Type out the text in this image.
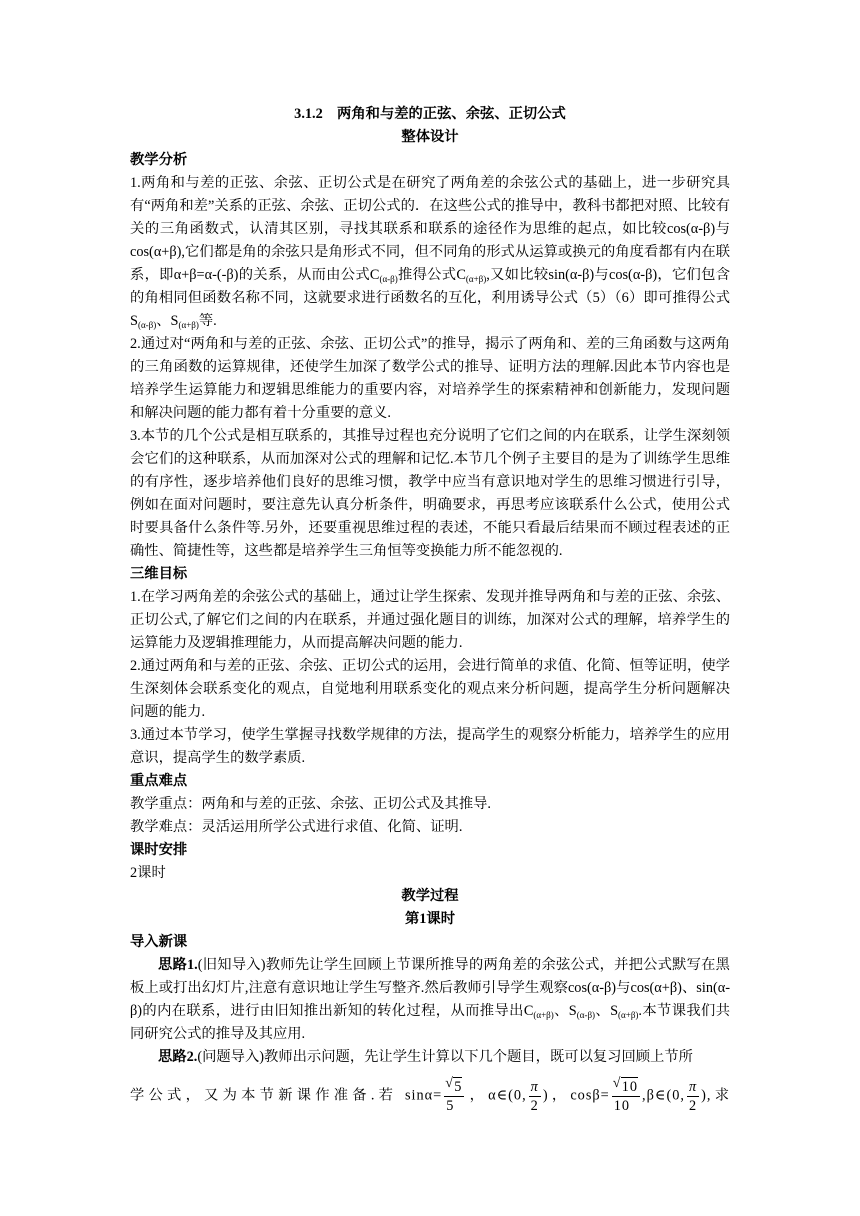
3.1.2　两角和与差的正弦、余弦、正切公式
整体设计
教学分析

1.两角和与差的正弦、余弦、正切公式是在研究了两角差的余弦公式的基础上，进一步研究具有“两角和差”关系的正弦、余弦、正切公式的．在这些公式的推导中，教科书都把对照、比较有关的三角函数式，认清其区别，寻找其联系和联系的途径作为思维的起点，如比较cos(α-β)与cos(α+β),它们都是角的余弦只是角形式不同，但不同角的形式从运算或换元的角度看都有内在联系，即α+β=α-(-β)的关系，从而由公式$C_{(\alpha-\beta)}$推得公式$C_{(\alpha+\beta)}$,又如比较sin(α-β)与cos(α-β)，它们包含的角相同但函数名称不同，这就要求进行函数名的互化，利用诱导公式（5）（6）即可推得公式$S_{(\alpha-\beta)}$、$S_{(\alpha+\beta)}$等.

2.通过对“两角和与差的正弦、余弦、正切公式”的推导，揭示了两角和、差的三角函数与这两角的三角函数的运算规律，还使学生加深了数学公式的推导、证明方法的理解.因此本节内容也是培养学生运算能力和逻辑思维能力的重要内容，对培养学生的探索精神和创新能力，发现问题和解决问题的能力都有着十分重要的意义.

3.本节的几个公式是相互联系的，其推导过程也充分说明了它们之间的内在联系，让学生深刻领会它们的这种联系，从而加深对公式的理解和记忆.本节几个例子主要目的是为了训练学生思维的有序性，逐步培养他们良好的思维习惯，教学中应当有意识地对学生的思维习惯进行引导，例如在面对问题时，要注意先认真分析条件，明确要求，再思考应该联系什么公式，使用公式时要具备什么条件等.另外，还要重视思维过程的表述，不能只看最后结果而不顾过程表述的正确性、简捷性等，这些都是培养学生三角恒等变换能力所不能忽视的.

三维目标

1.在学习两角差的余弦公式的基础上，通过让学生探索、发现并推导两角和与差的正弦、余弦、正切公式,了解它们之间的内在联系，并通过强化题目的训练，加深对公式的理解，培养学生的运算能力及逻辑推理能力，从而提高解决问题的能力.

2.通过两角和与差的正弦、余弦、正切公式的运用，会进行简单的求值、化简、恒等证明，使学生深刻体会联系变化的观点，自觉地利用联系变化的观点来分析问题，提高学生分析问题解决问题的能力.

3.通过本节学习，使学生掌握寻找数学规律的方法，提高学生的观察分析能力，培养学生的应用意识，提高学生的数学素质.

重点难点

教学重点：两角和与差的正弦、余弦、正切公式及其推导.

教学难点：灵活运用所学公式进行求值、化简、证明.

课时安排

2课时

教学过程
第1课时
导入新课

思路1.(旧知导入)教师先让学生回顾上节课所推导的两角差的余弦公式，并把公式默写在黑板上或打出幻灯片,注意有意识地让学生写整齐.然后教师引导学生观察cos(α-β)与cos(α+β)、sin(α-β)的内在联系，进行由旧知推出新知的转化过程，从而推导出$C_{(\alpha+\beta)}$、$S_{(\alpha-\beta)}$、$S_{(\alpha+\beta)}$.本节课我们共同研究公式的推导及其应用.

思路2.(问题导入)教师出示问题，先让学生计算以下几个题目，既可以复习回顾上节所

学公式，又为本节新课作准备.若 sinα= √ $\frac{5}{5}$ ，α∈(0, $\frac{\pi}{2}$ )，cosβ= √ $\frac{10}{10}$ ,β∈(0, $\frac{\pi}{2}$ ),求
